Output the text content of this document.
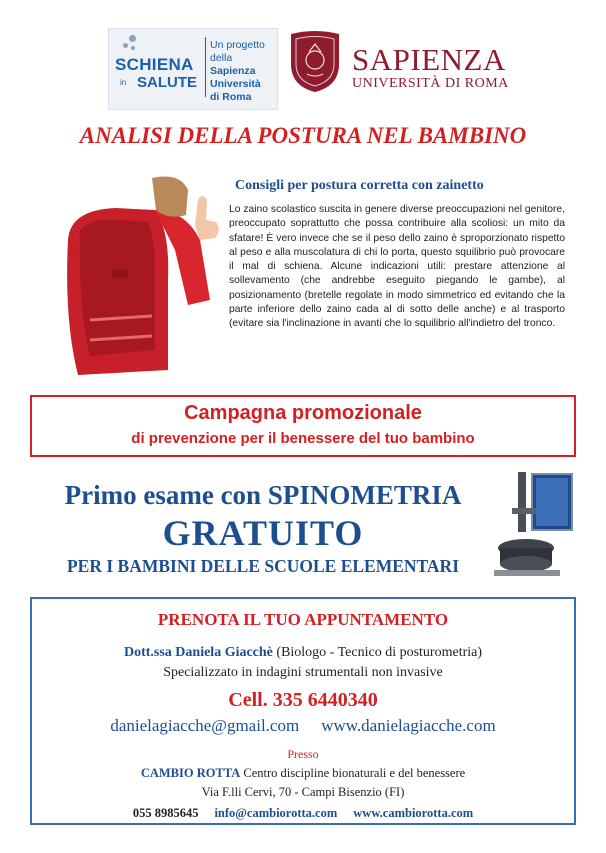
SCHIENA
in SALUTE
Un progetto
della Sapienza
Università
di Roma
SAPIENZA
UNIVERSITÀ DI ROMA
ANALISI DELLA POSTURA NEL BAMBINO
Consigli per postura corretta con zainetto
Lo zaino scolastico suscita in genere diverse preoccupazioni nel genitore, preoccupato soprattutto che possa contribuire alla scoliosi: un mito da sfatare! È vero invece che se il peso dello zaino è sproporzionato rispetto al peso e alla muscolatura di chi lo porta, questo squilibrio può provocare il mal di schiena. Alcune indicazioni utili: prestare attenzione al sollevamento (che andrebbe eseguito piegando le gambe), al posizionamento (bretelle regolate in modo simmetrico ed evitando che la parte inferiore dello zaino cada al di sotto delle anche) e al trasporto (evitare sia l'inclinazione in avanti che lo squilibrio all'indietro del tronco.
Campagna promozionale
di prevenzione per il benessere del tuo bambino
Primo esame con SPINOMETRIA
GRATUITO
PER I BAMBINI DELLE SCUOLE ELEMENTARI
PRENOTA IL TUO APPUNTAMENTO
Dott.ssa Daniela Giacchè (Biologo - Tecnico di posturometria)
Specializzato in indagini strumentali non invasive
Cell. 335 6440340
danielagiacche@gmail.com www.danielagiacche.com
Presso
CAMBIO ROTTA Centro discipline bionaturali e del benessere
Via F.lli Cervi, 70 - Campi Bisenzio (FI)
055 8985645 info@cambiorotta.com www.cambiorotta.com
